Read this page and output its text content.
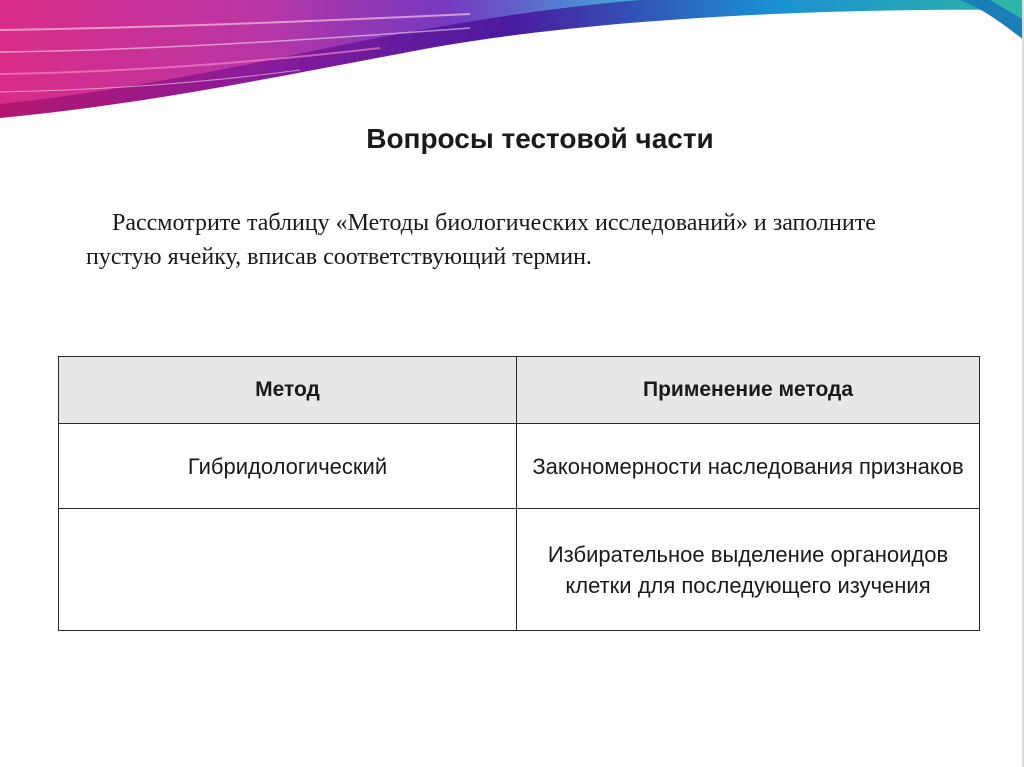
Вопросы тестовой части

Рассмотрите таблицу «Методы биологических исследований» и заполните пустую ячейку, вписав соответствующий термин.

Метод	Применение метода
Гибридологический	Закономерности наследования признаков
	Избирательное выделение органоидов клетки для последующего изучения
